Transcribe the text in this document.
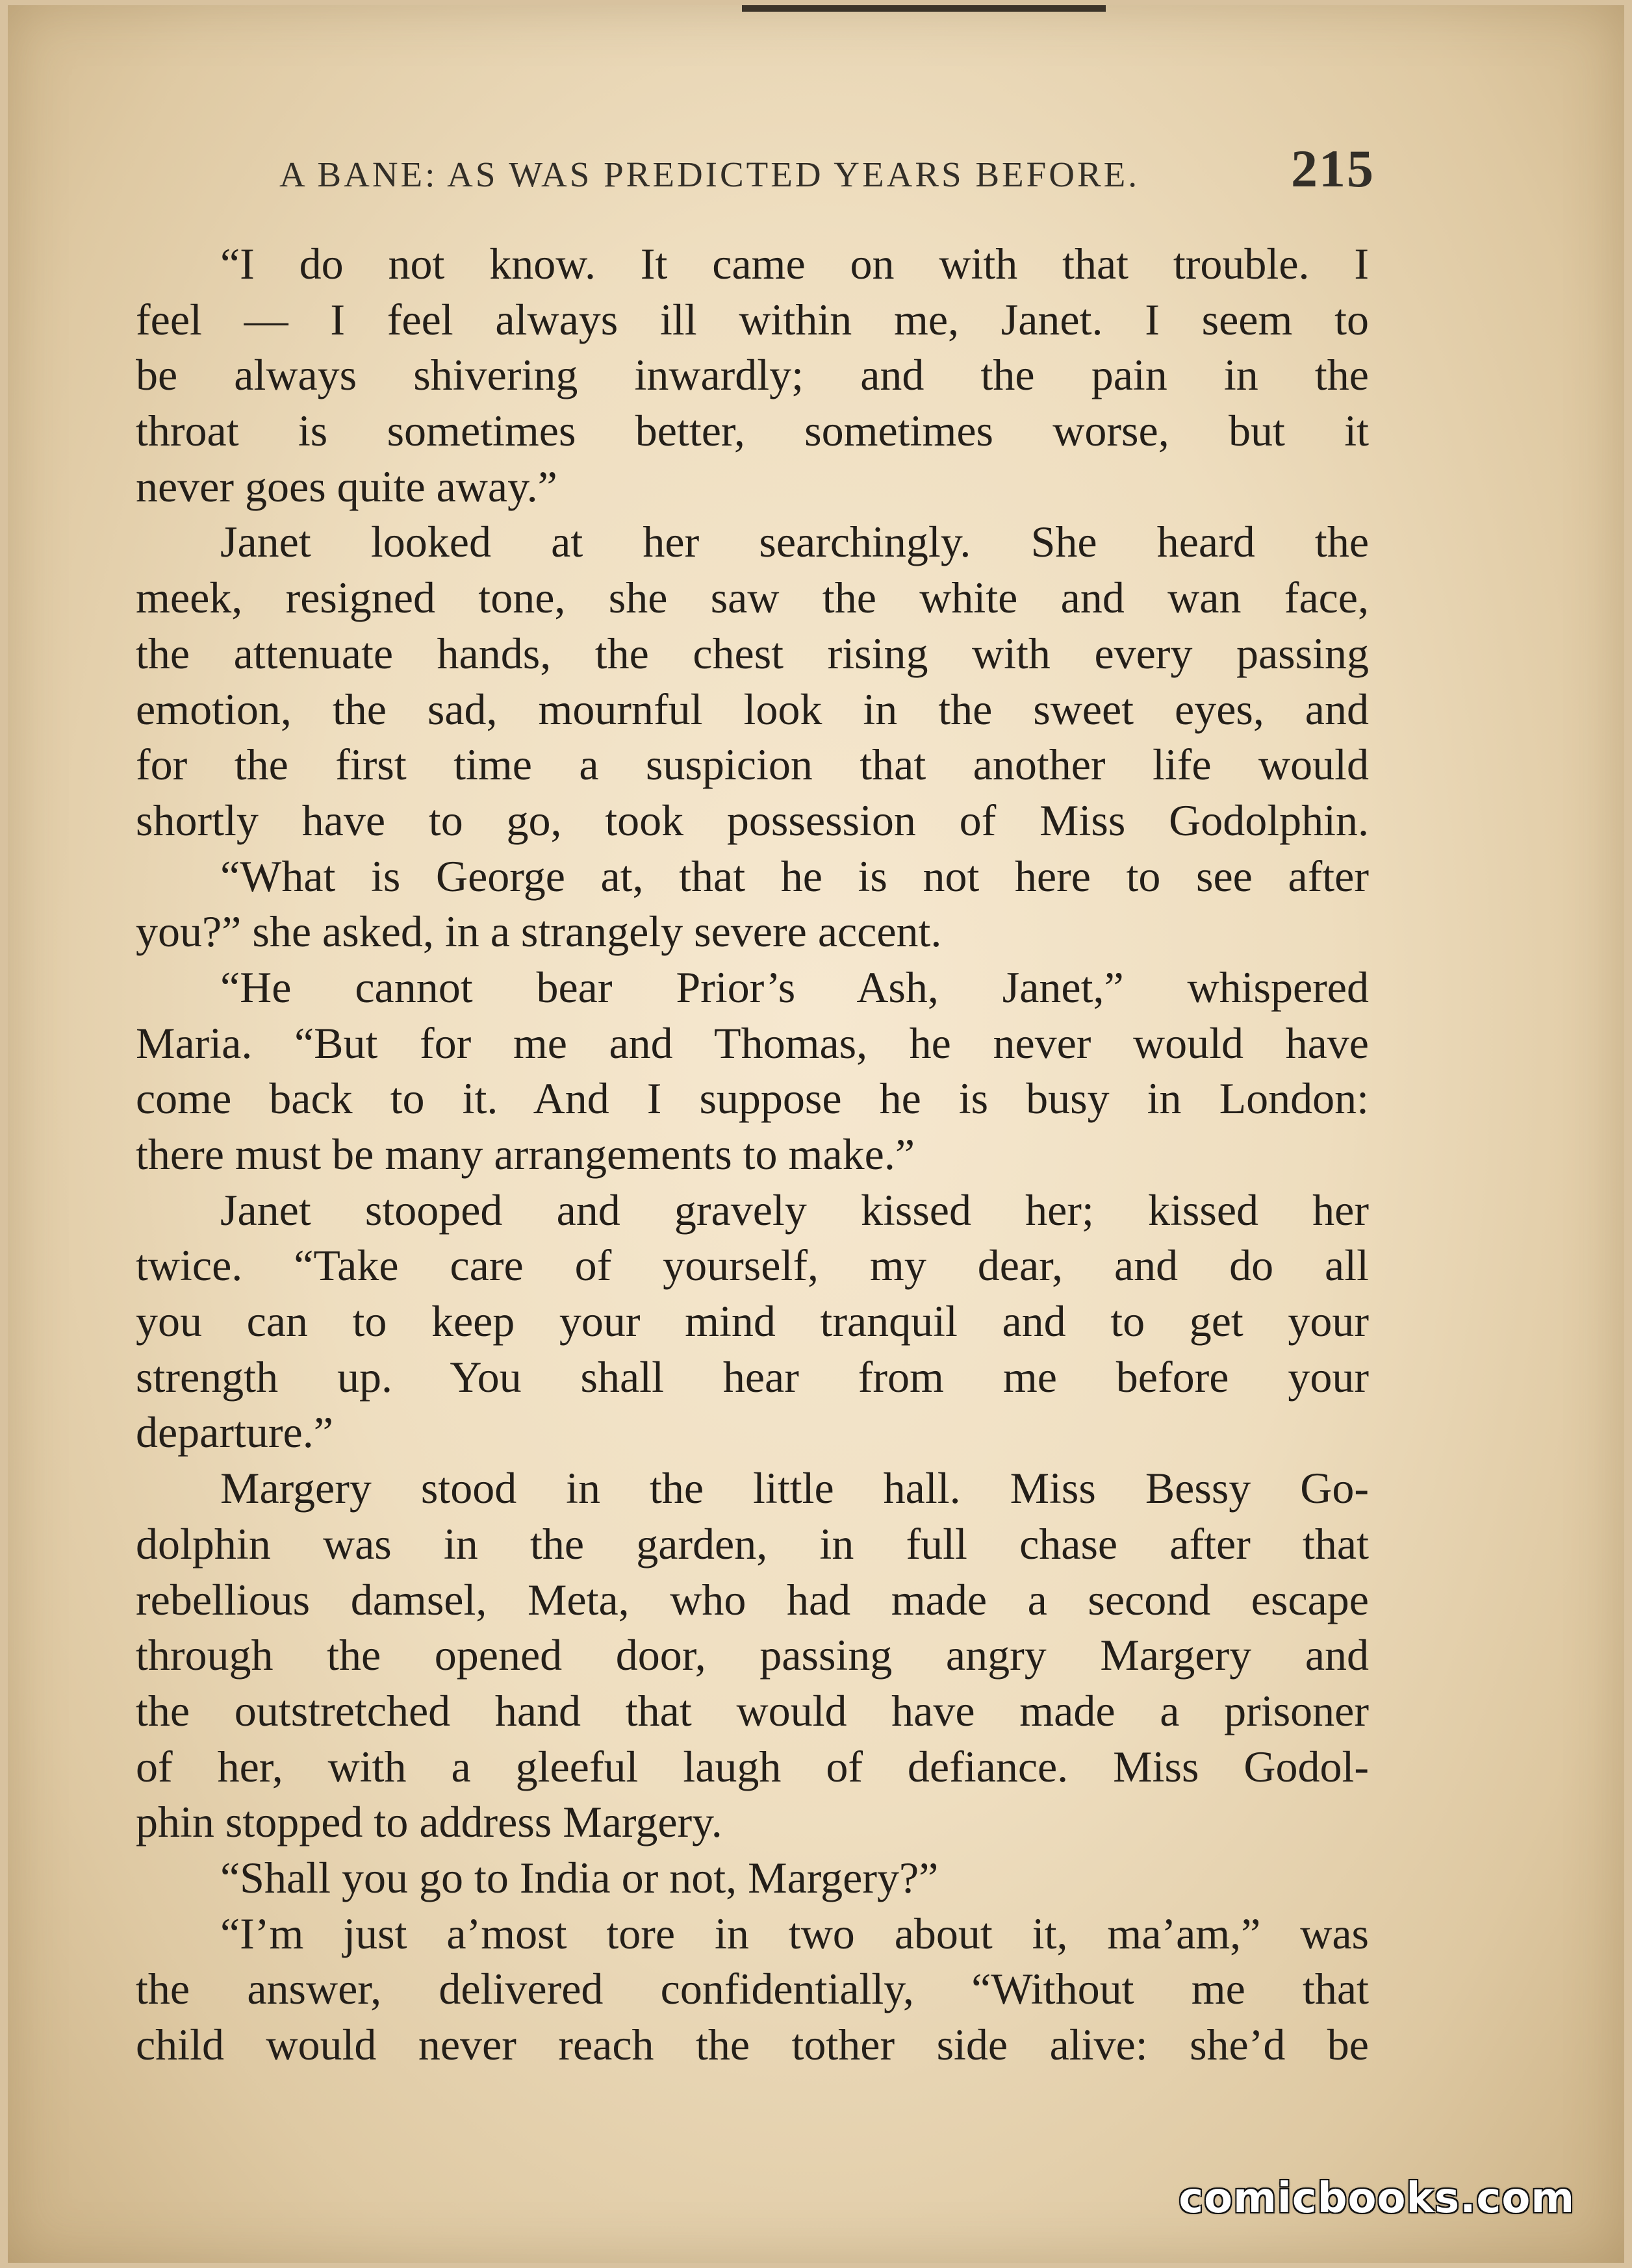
A BANE: AS WAS PREDICTED YEARS BEFORE.	215
“I do not know. It came on with that trouble. I
feel — I feel always ill within me, Janet. I seem to
be always shivering inwardly; and the pain in the
throat is sometimes better, sometimes worse, but it
never goes quite away.”
Janet looked at her searchingly. She heard the
meek, resigned tone, she saw the white and wan face,
the attenuate hands, the chest rising with every passing
emotion, the sad, mournful look in the sweet eyes, and
for the first time a suspicion that another life would
shortly have to go, took possession of Miss Godolphin.
“What is George at, that he is not here to see after
you?” she asked, in a strangely severe accent.
“He cannot bear Prior’s Ash, Janet,” whispered
Maria. “But for me and Thomas, he never would have
come back to it. And I suppose he is busy in London:
there must be many arrangements to make.”
Janet stooped and gravely kissed her; kissed her
twice. “Take care of yourself, my dear, and do all
you can to keep your mind tranquil and to get your
strength up. You shall hear from me before your
departure.”
Margery stood in the little hall. Miss Bessy Go-
dolphin was in the garden, in full chase after that
rebellious damsel, Meta, who had made a second escape
through the opened door, passing angry Margery and
the outstretched hand that would have made a prisoner
of her, with a gleeful laugh of defiance. Miss Godol-
phin stopped to address Margery.
“Shall you go to India or not, Margery?”
“I’m just a’most tore in two about it, ma’am,” was
the answer, delivered confidentially, “Without me that
child would never reach the tother side alive: she’d be
comicbooks.com
